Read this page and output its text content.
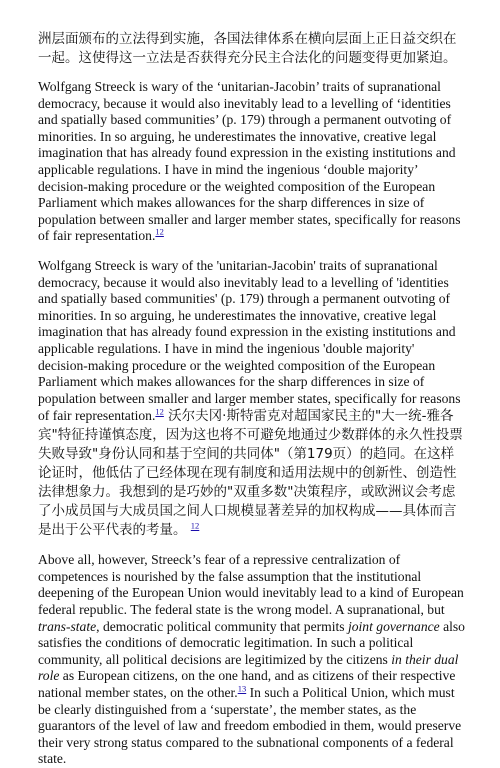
洲层面颁布的立法得到实施，各国法律体系在横向层面上正日益交织在一起。这使得这一立法是否获得充分民主合法化的问题变得更加紧迫。

Wolfgang Streeck is wary of the ‘unitarian-Jacobin’ traits of supranational democracy, because it would also inevitably lead to a levelling of ‘identities and spatially based communities’ (p. 179) through a permanent outvoting of minorities. In so arguing, he underestimates the innovative, creative legal imagination that has already found expression in the existing institutions and applicable regulations. I have in mind the ingenious ‘double majority’ decision-making procedure or the weighted composition of the European Parliament which makes allowances for the sharp differences in size of population between smaller and larger member states, specifically for reasons of fair representation.$^{12}$

Wolfgang Streeck is wary of the 'unitarian-Jacobin' traits of supranational democracy, because it would also inevitably lead to a levelling of 'identities and spatially based communities' (p. 179) through a permanent outvoting of minorities. In so arguing, he underestimates the innovative, creative legal imagination that has already found expression in the existing institutions and applicable regulations. I have in mind the ingenious 'double majority' decision-making procedure or the weighted composition of the European Parliament which makes allowances for the sharp differences in size of population between smaller and larger member states, specifically for reasons of fair representation.$^{12}$ 沃尔夫冈·斯特雷克对超国家民主的"大一统-雅各宾"特征持谨慎态度，因为这也将不可避免地通过少数群体的永久性投票失败导致"身份认同和基于空间的共同体"（第179页）的趋同。在这样论证时，他低估了已经体现在现有制度和适用法规中的创新性、创造性法律想象力。我想到的是巧妙的"双重多数"决策程序，或欧洲议会考虑了小成员国与大成员国之间人口规模显著差异的加权构成——具体而言是出于公平代表的考量。 $^{12}$

Above all, however, Streeck’s fear of a repressive centralization of competences is nourished by the false assumption that the institutional deepening of the European Union would inevitably lead to a kind of European federal republic. The federal state is the wrong model. A supranational, but trans-state, democratic political community that permits joint governance also satisfies the conditions of democratic legitimation. In such a political community, all political decisions are legitimized by the citizens in their dual role as European citizens, on the one hand, and as citizens of their respective national member states, on the other.$^{13}$ In such a Political Union, which must be clearly distinguished from a ‘superstate’, the member states, as the guarantors of the level of law and freedom embodied in them, would preserve their very strong status compared to the subnational components of a federal state.
